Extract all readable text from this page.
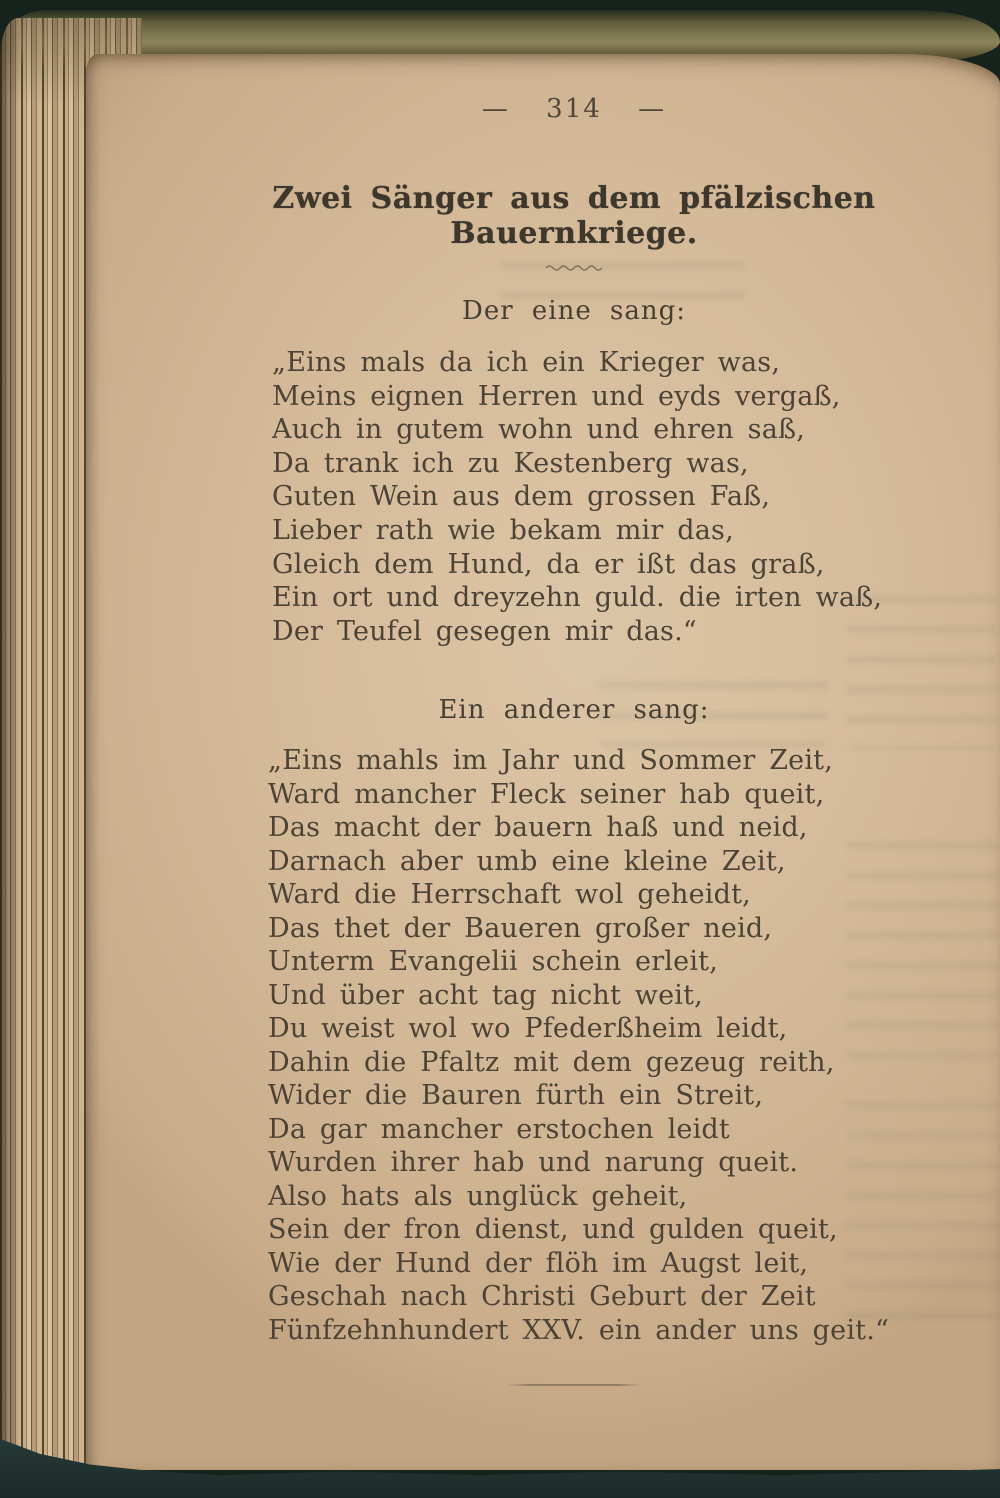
— 314 —
Zwei Sänger aus dem pfälzischen Bauernkriege.
Der eine sang:
„Eins mals da ich ein Krieger was,
Meins eignen Herren und eyds vergaß,
Auch in gutem wohn und ehren saß,
Da trank ich zu Kestenberg was,
Guten Wein aus dem grossen Faß,
Lieber rath wie bekam mir das,
Gleich dem Hund, da er ißt das graß,
Ein ort und dreyzehn guld. die irten waß,
Der Teufel gesegen mir das.“
Ein anderer sang:
„Eins mahls im Jahr und Sommer Zeit,
Ward mancher Fleck seiner hab queit,
Das macht der bauern haß und neid,
Darnach aber umb eine kleine Zeit,
Ward die Herrschaft wol geheidt,
Das thet der Baueren großer neid,
Unterm Evangelii schein erleit,
Und über acht tag nicht weit,
Du weist wol wo Pfederßheim leidt,
Dahin die Pfaltz mit dem gezeug reith,
Wider die Bauren fürth ein Streit,
Da gar mancher erstochen leidt
Wurden ihrer hab und narung queit.
Also hats als unglück geheit,
Sein der fron dienst, und gulden queit,
Wie der Hund der flöh im Augst leit,
Geschah nach Christi Geburt der Zeit
Fünfzehnhundert XXV. ein ander uns geit.“
